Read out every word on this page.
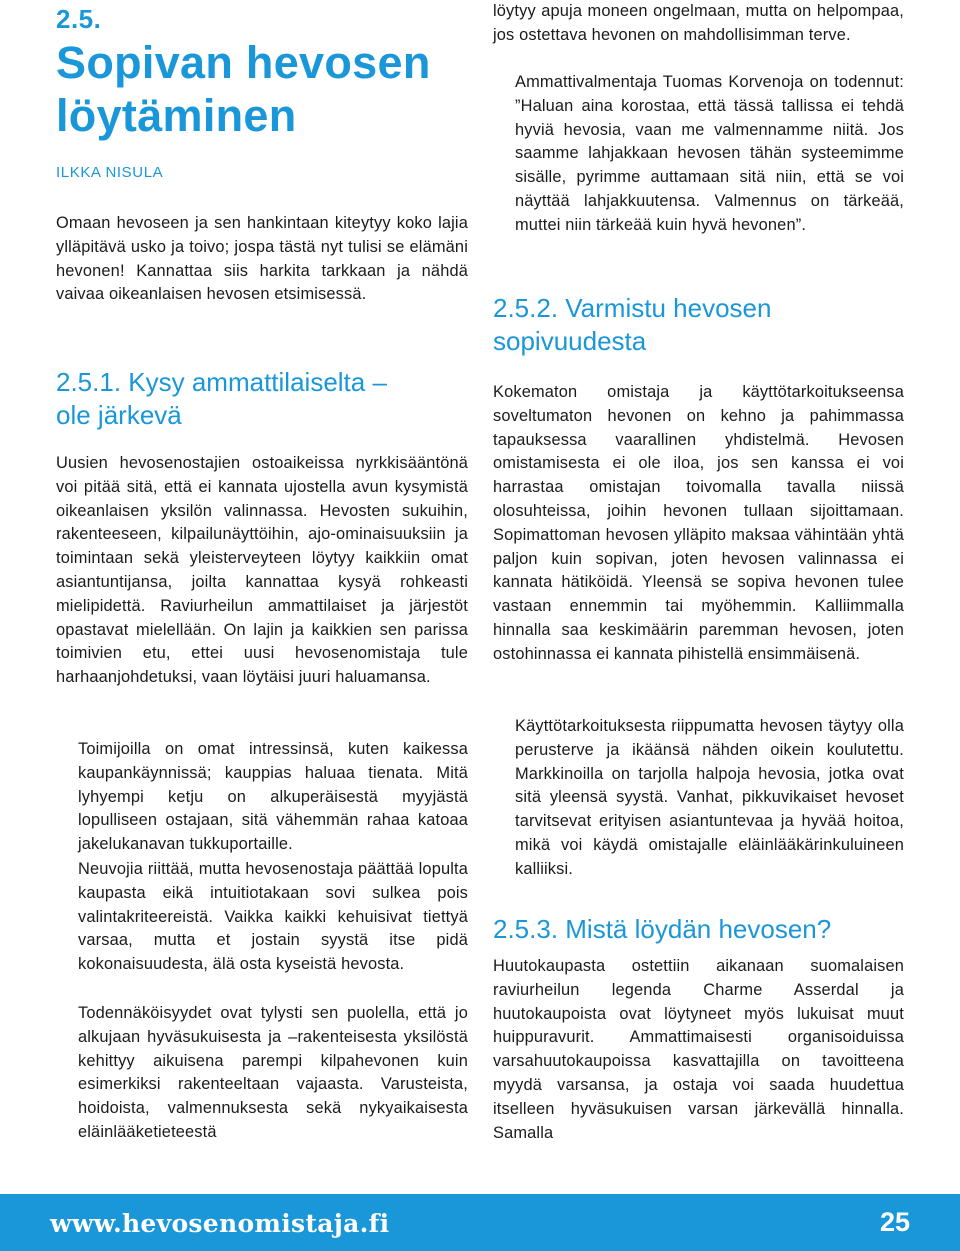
2.5.
Sopivan hevosen löytäminen
ILKKA NISULA

Omaan hevoseen ja sen hankintaan kiteytyy koko lajia ylläpitävä usko ja toivo; jospa tästä nyt tulisi se elämäni hevonen! Kannattaa siis harkita tarkkaan ja nähdä vaivaa oikeanlaisen hevosen etsimisessä.

2.5.1. Kysy ammattilaiselta – ole järkevä

Uusien hevosenostajien ostoaikeissa nyrkkisääntönä voi pitää sitä, että ei kannata ujostella avun kysymistä oikeanlaisen yksilön valinnassa. Hevosten sukuihin, rakenteeseen, kilpailunäyttöihin, ajo-ominaisuuksiin ja toimintaan sekä yleisterveyteen löytyy kaikkiin omat asiantuntijansa, joilta kannattaa kysyä rohkeasti mielipidettä. Raviurheilun ammattilaiset ja järjestöt opastavat mielellään. On lajin ja kaikkien sen parissa toimivien etu, ettei uusi hevosenomistaja tule harhaanjohdetuksi, vaan löytäisi juuri haluamansa.

Toimijoilla on omat intressinsä, kuten kaikessa kaupankäynnissä; kauppias haluaa tienata. Mitä lyhyempi ketju on alkuperäisestä myyjästä lopulliseen ostajaan, sitä vähemmän rahaa katoaa jakelukanavan tukkuportaille.

Neuvojia riittää, mutta hevosenostaja päättää lopulta kaupasta eikä intuitiotakaan sovi sulkea pois valintakriteereistä. Vaikka kaikki kehuisivat tiettyä varsaa, mutta et jostain syystä itse pidä kokonaisuudesta, älä osta kyseistä hevosta.

Todennäköisyydet ovat tylysti sen puolella, että jo alkujaan hyväsukuisesta ja –rakenteisesta yksilöstä kehittyy aikuisena parempi kilpahevonen kuin esimerkiksi rakenteeltaan vajaasta. Varusteista, hoidoista, valmennuksesta sekä nykyaikaisesta eläinlääketieteestä

löytyy apuja moneen ongelmaan, mutta on helpompaa, jos ostettava hevonen on mahdollisimman terve.

Ammattivalmentaja Tuomas Korvenoja on todennut: ”Haluan aina korostaa, että tässä tallissa ei tehdä hyviä hevosia, vaan me valmennamme niitä. Jos saamme lahjakkaan hevosen tähän systeemimme sisälle, pyrimme auttamaan sitä niin, että se voi näyttää lahjakkuutensa. Valmennus on tärkeää, muttei niin tärkeää kuin hyvä hevonen”.

2.5.2. Varmistu hevosen sopivuudesta

Kokematon omistaja ja käyttötarkoitukseensa soveltumaton hevonen on kehno ja pahimmassa tapauksessa vaarallinen yhdistelmä. Hevosen omistamisesta ei ole iloa, jos sen kanssa ei voi harrastaa omistajan toivomalla tavalla niissä olosuhteissa, joihin hevonen tullaan sijoittamaan. Sopimattoman hevosen ylläpito maksaa vähintään yhtä paljon kuin sopivan, joten hevosen valinnassa ei kannata hätiköidä. Yleensä se sopiva hevonen tulee vastaan ennemmin tai myöhemmin. Kalliimmalla hinnalla saa keskimäärin paremman hevosen, joten ostohinnassa ei kannata pihistellä ensimmäisenä.

Käyttötarkoituksesta riippumatta hevosen täytyy olla perusterve ja ikäänsä nähden oikein koulutettu. Markkinoilla on tarjolla halpoja hevosia, jotka ovat sitä yleensä syystä. Vanhat, pikkuvikaiset hevoset tarvitsevat erityisen asiantuntevaa ja hyvää hoitoa, mikä voi käydä omistajalle eläinlääkärinkuluineen kalliiksi.

2.5.3. Mistä löydän hevosen?

Huutokaupasta ostettiin aikanaan suomalaisen raviurheilun legenda Charme Asserdal ja huutokaupoista ovat löytyneet myös lukuisat muut huippuravurit. Ammattimaisesti organisoiduissa varsahuutokaupoissa kasvattajilla on tavoitteena myydä varsansa, ja ostaja voi saada huudettua itselleen hyväsukuisen varsan järkevällä hinnalla. Samalla

www.hevosenomistaja.fi	25
